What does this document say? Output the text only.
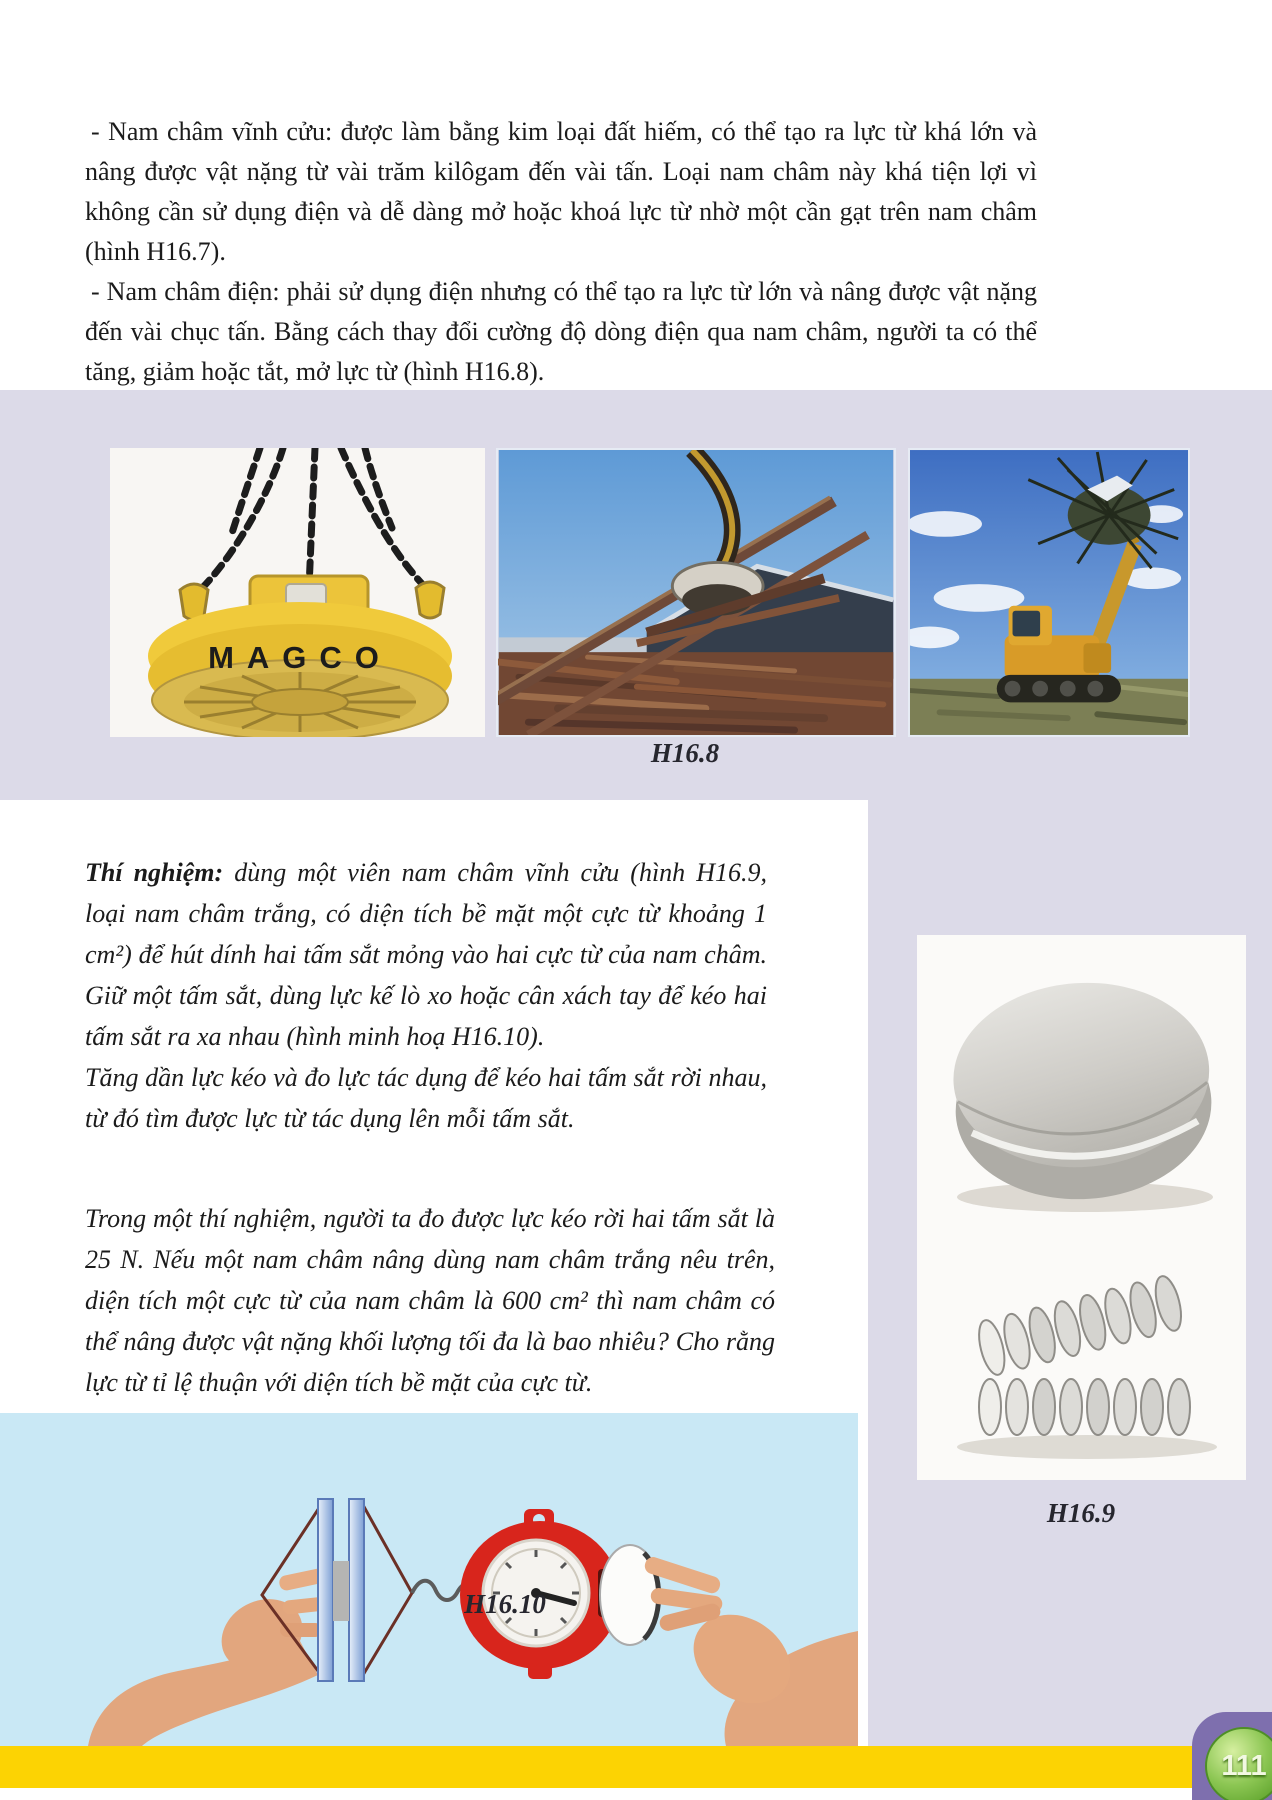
- Nam châm vĩnh cửu: được làm bằng kim loại đất hiếm, có thể tạo ra lực từ khá lớn và nâng được vật nặng từ vài trăm kilôgam đến vài tấn. Loại nam châm này khá tiện lợi vì không cần sử dụng điện và dễ dàng mở hoặc khoá lực từ nhờ một cần gạt trên nam châm (hình H16.7).

- Nam châm điện: phải sử dụng điện nhưng có thể tạo ra lực từ lớn và nâng được vật nặng đến vài chục tấn. Bằng cách thay đổi cường độ dòng điện qua nam châm, người ta có thể tăng, giảm hoặc tắt, mở lực từ (hình H16.8).

MAGCO
H16.8
H16.9

Thí nghiệm: dùng một viên nam châm vĩnh cửu (hình H16.9, loại nam châm trắng, có diện tích bề mặt một cực từ khoảng 1 cm²) để hút dính hai tấm sắt mỏng vào hai cực từ của nam châm. Giữ một tấm sắt, dùng lực kế lò xo hoặc cân xách tay để kéo hai tấm sắt ra xa nhau (hình minh hoạ H16.10).

Tăng dần lực kéo và đo lực tác dụng để kéo hai tấm sắt rời nhau, từ đó tìm được lực từ tác dụng lên mỗi tấm sắt.

Trong một thí nghiệm, người ta đo được lực kéo rời hai tấm sắt là 25 N. Nếu một nam châm nâng dùng nam châm trắng nêu trên, diện tích một cực từ của nam châm là 600 cm² thì nam châm có thể nâng được vật nặng khối lượng tối đa là bao nhiêu? Cho rằng lực từ tỉ lệ thuận với diện tích bề mặt của cực từ.

H16.10
111
